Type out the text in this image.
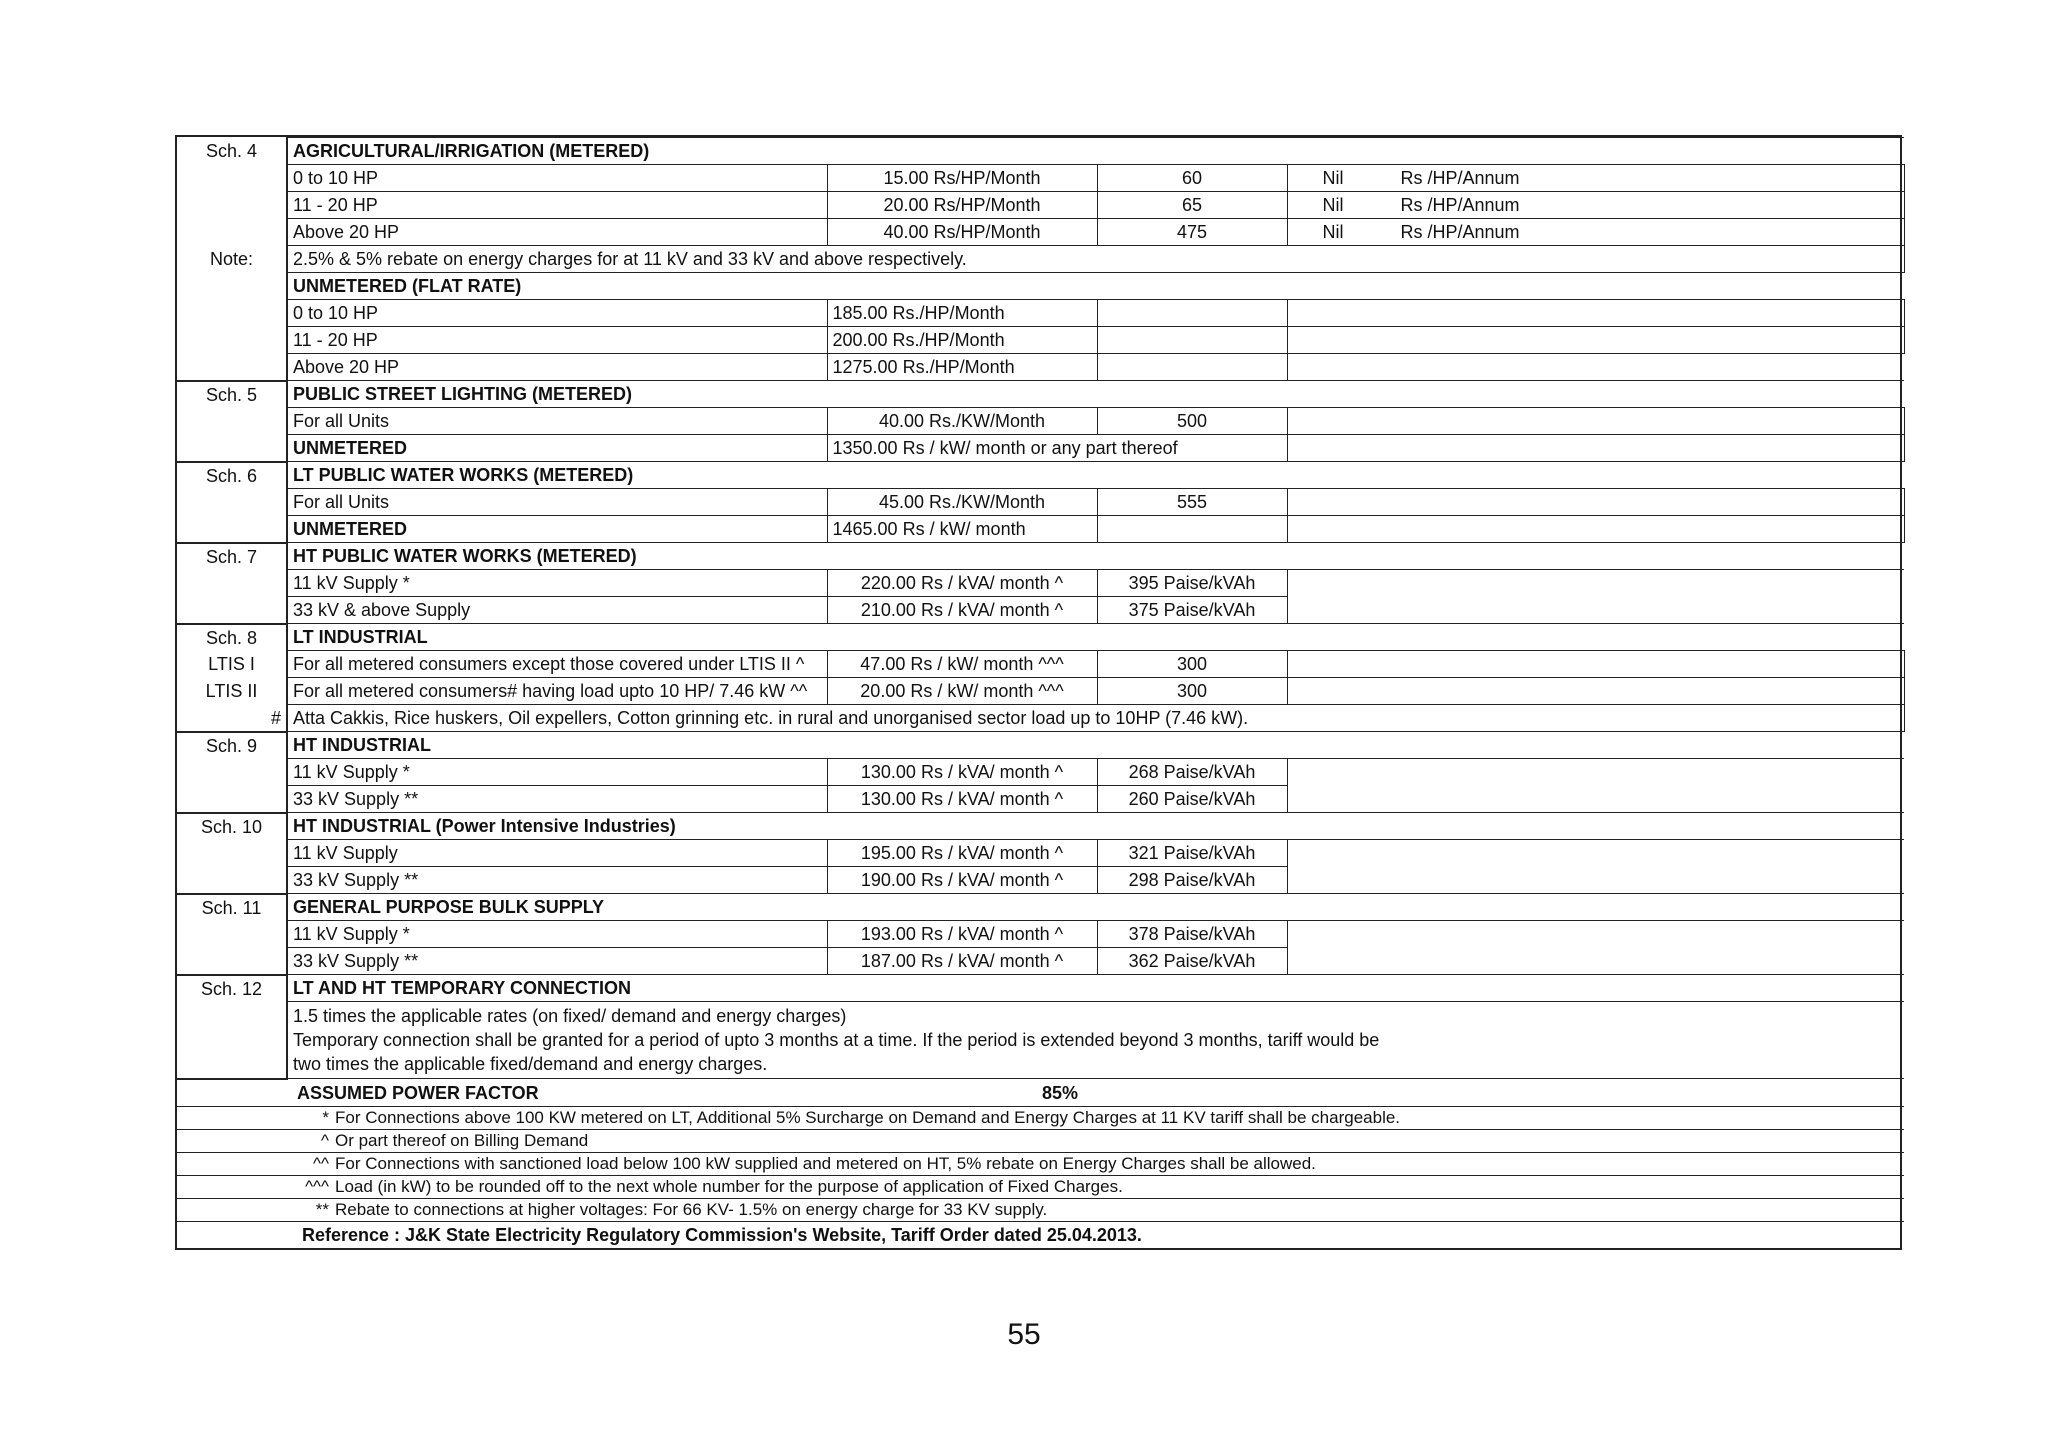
Sch. 4	AGRICULTURAL/IRRIGATION (METERED)			
	0 to 10 HP	15.00 Rs/HP/Month	60	Nil Rs /HP/Annum
	11 - 20 HP	20.00 Rs/HP/Month	65	Nil Rs /HP/Annum
	Above 20 HP	40.00 Rs/HP/Month	475	Nil Rs /HP/Annum
Note:	2.5% & 5% rebate on energy charges for at 11 kV and 33 kV and above respectively.			
	UNMETERED (FLAT RATE)			
	0 to 10 HP	185.00 Rs./HP/Month		
	11 - 20 HP	200.00 Rs./HP/Month		
	Above 20 HP	1275.00 Rs./HP/Month		
Sch. 5	PUBLIC STREET LIGHTING (METERED)			
	For all Units	40.00 Rs./KW/Month	500	
	UNMETERED	1350.00 Rs / kW/ month or any part thereof		
Sch. 6	LT PUBLIC WATER WORKS (METERED)			
	For all Units	45.00 Rs./KW/Month	555	
	UNMETERED	1465.00 Rs / kW/ month		
Sch. 7	HT PUBLIC WATER WORKS (METERED)			
	11 kV Supply *	220.00 Rs / kVA/ month ^	395 Paise/kVAh	
	33 kV & above Supply	210.00 Rs / kVA/ month ^	375 Paise/kVAh	
Sch. 8	LT INDUSTRIAL			
LTIS I	For all metered consumers except those covered under LTIS II ^	47.00 Rs / kW/ month ^^^	300	
LTIS II	For all metered consumers# having load upto 10 HP/ 7.46 kW ^^	20.00 Rs / kW/ month ^^^	300	
#	Atta Cakkis, Rice huskers, Oil expellers, Cotton grinning etc. in rural and unorganised sector load up to 10HP (7.46 kW).			
Sch. 9	HT INDUSTRIAL			
	11 kV Supply *	130.00 Rs / kVA/ month ^	268 Paise/kVAh	
	33 kV Supply **	130.00 Rs / kVA/ month ^	260 Paise/kVAh	
Sch. 10	HT INDUSTRIAL (Power Intensive Industries)			
	11 kV Supply	195.00 Rs / kVA/ month ^	321 Paise/kVAh	
	33 kV Supply **	190.00 Rs / kVA/ month ^	298 Paise/kVAh	
Sch. 11	GENERAL PURPOSE BULK SUPPLY			
	11 kV Supply *	193.00 Rs / kVA/ month ^	378 Paise/kVAh	
	33 kV Supply **	187.00 Rs / kVA/ month ^	362 Paise/kVAh	
Sch. 12	LT AND HT TEMPORARY CONNECTION			

	1.5 times the applicable rates (on fixed/ demand and energy charges)
Temporary connection shall be granted for a period of upto 3 months at a time. If the period is extended beyond 3 months, tariff would be
two times the applicable fixed/demand and energy charges.			

ASSUMED POWER FACTOR 85%				

* For Connections above 100 KW metered on LT, Additional 5% Surcharge on Demand and Energy Charges at 11 KV tariff shall be chargeable.				
^ Or part thereof on Billing Demand				
^^ For Connections with sanctioned load below 100 kW supplied and metered on HT, 5% rebate on Energy Charges shall be allowed.				
^^^ Load (in kW) to be rounded off to the next whole number for the purpose of application of Fixed Charges.				
** Rebate to connections at higher voltages: For 66 KV- 1.5% on energy charge for 33 KV supply.				
Reference : J&K State Electricity Regulatory Commission's Website, Tariff Order dated 25.04.2013.				
55
